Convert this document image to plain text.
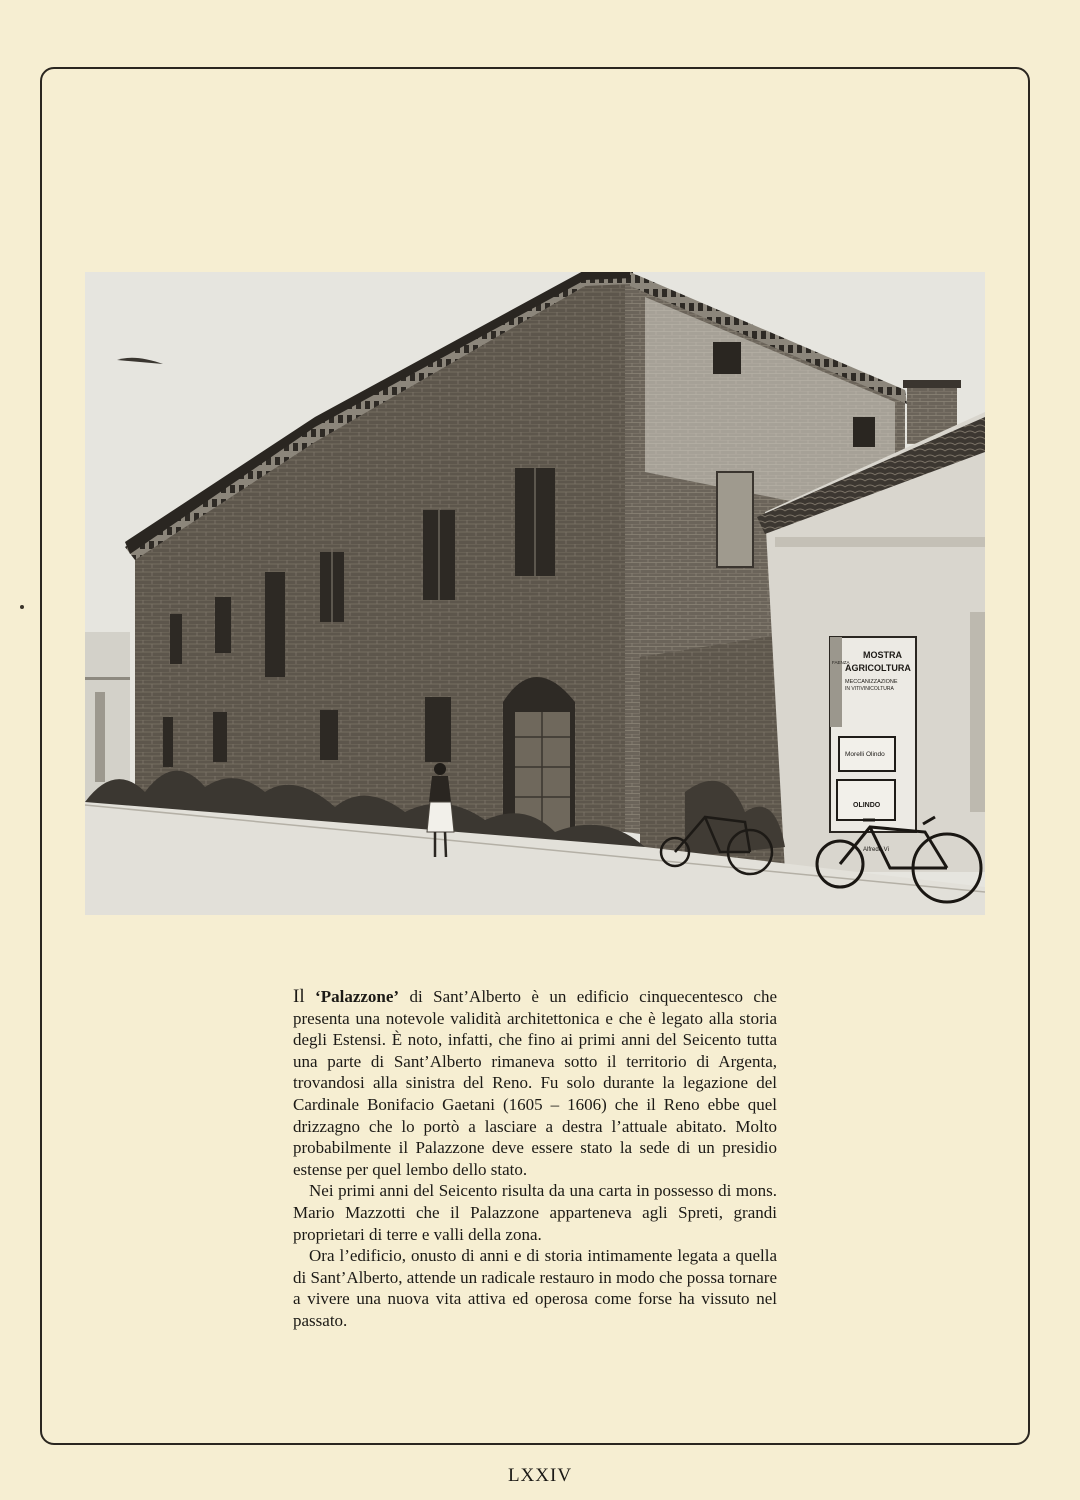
MOSTRA
AGRICOLTURA
MECCANIZZAZIONE
IN VITIVINICOLTURA
FAENZA
Morelli Olindo
OLINDO
Alfredo Vi

Il ‘Palazzone’ di Sant’Alberto è un edificio cinquecentesco che presenta una notevole validità architettonica e che è legato alla storia degli Estensi. È noto, infatti, che fino ai primi anni del Seicento tutta una parte di Sant’Alberto rimaneva sotto il territorio di Argenta, trovandosi alla sinistra del Reno. Fu solo durante la legazione del Cardinale Bonifacio Gaetani (1605 – 1606) che il Reno ebbe quel drizzagno che lo portò a lasciare a destra l’attuale abitato. Molto probabilmente il Palazzone deve essere stato la sede di un presidio estense per quel lembo dello stato.

Nei primi anni del Seicento risulta da una carta in possesso di mons. Mario Mazzotti che il Palazzone apparteneva agli Spreti, grandi proprietari di terre e valli della zona.

Ora l’edificio, onusto di anni e di storia intimamente legata a quella di Sant’Alberto, attende un radicale restauro in modo che possa tornare a vivere una nuova vita attiva ed operosa come forse ha vissuto nel passato.

LXXIV
